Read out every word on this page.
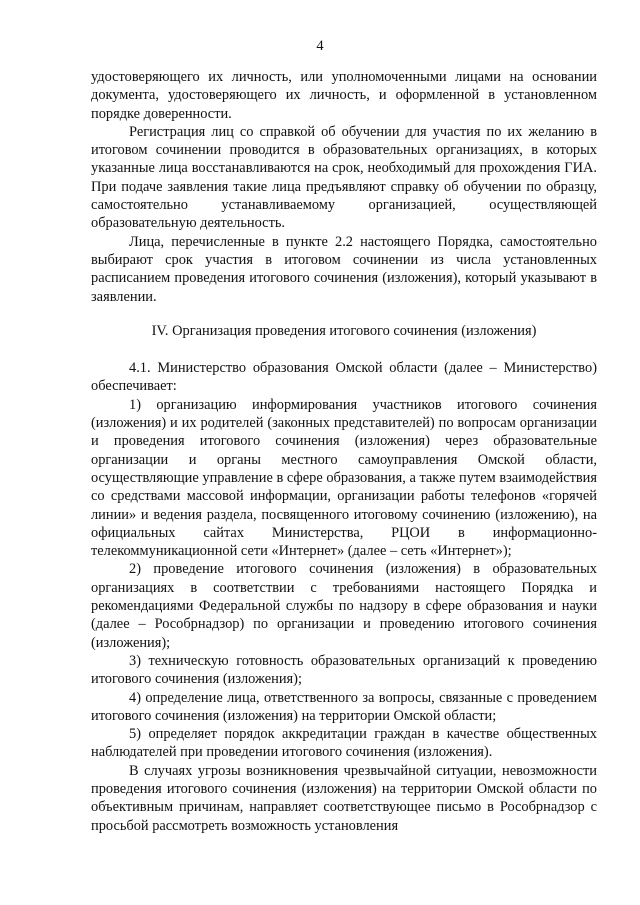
4

удостоверяющего их личность, или уполномоченными лицами на основании документа, удостоверяющего их личность, и оформленной в установленном порядке доверенности.

Регистрация лиц со справкой об обучении для участия по их желанию в итоговом сочинении проводится в образовательных организациях, в которых указанные лица восстанавливаются на срок, необходимый для прохождения ГИА. При подаче заявления такие лица предъявляют справку об обучении по образцу, самостоятельно устанавливаемому организацией, осуществляющей образовательную деятельность.

Лица, перечисленные в пункте 2.2 настоящего Порядка, самостоятельно выбирают срок участия в итоговом сочинении из числа установленных расписанием проведения итогового сочинения (изложения), который указывают в заявлении.

IV. Организация проведения итогового сочинения (изложения)

4.1. Министерство образования Омской области (далее – Министерство) обеспечивает:

1) организацию информирования участников итогового сочинения (изложения) и их родителей (законных представителей) по вопросам организации и проведения итогового сочинения (изложения) через образовательные организации и органы местного самоуправления Омской области, осуществляющие управление в сфере образования, а также путем взаимодействия со средствами массовой информации, организации работы телефонов «горячей линии» и ведения раздела, посвященного итоговому сочинению (изложению), на официальных сайтах Министерства, РЦОИ в информационно-телекоммуникационной сети «Интернет» (далее – сеть «Интернет»);

2) проведение итогового сочинения (изложения) в образовательных организациях в соответствии с требованиями настоящего Порядка и рекомендациями Федеральной службы по надзору в сфере образования и науки (далее – Рособрнадзор) по организации и проведению итогового сочинения (изложения);

3) техническую готовность образовательных организаций к проведению итогового сочинения (изложения);

4) определение лица, ответственного за вопросы, связанные с проведением итогового сочинения (изложения) на территории Омской области;

5) определяет порядок аккредитации граждан в качестве общественных наблюдателей при проведении итогового сочинения (изложения).

В случаях угрозы возникновения чрезвычайной ситуации, невозможности проведения итогового сочинения (изложения) на территории Омской области по объективным причинам, направляет соответствующее письмо в Рособрнадзор с просьбой рассмотреть возможность установления
